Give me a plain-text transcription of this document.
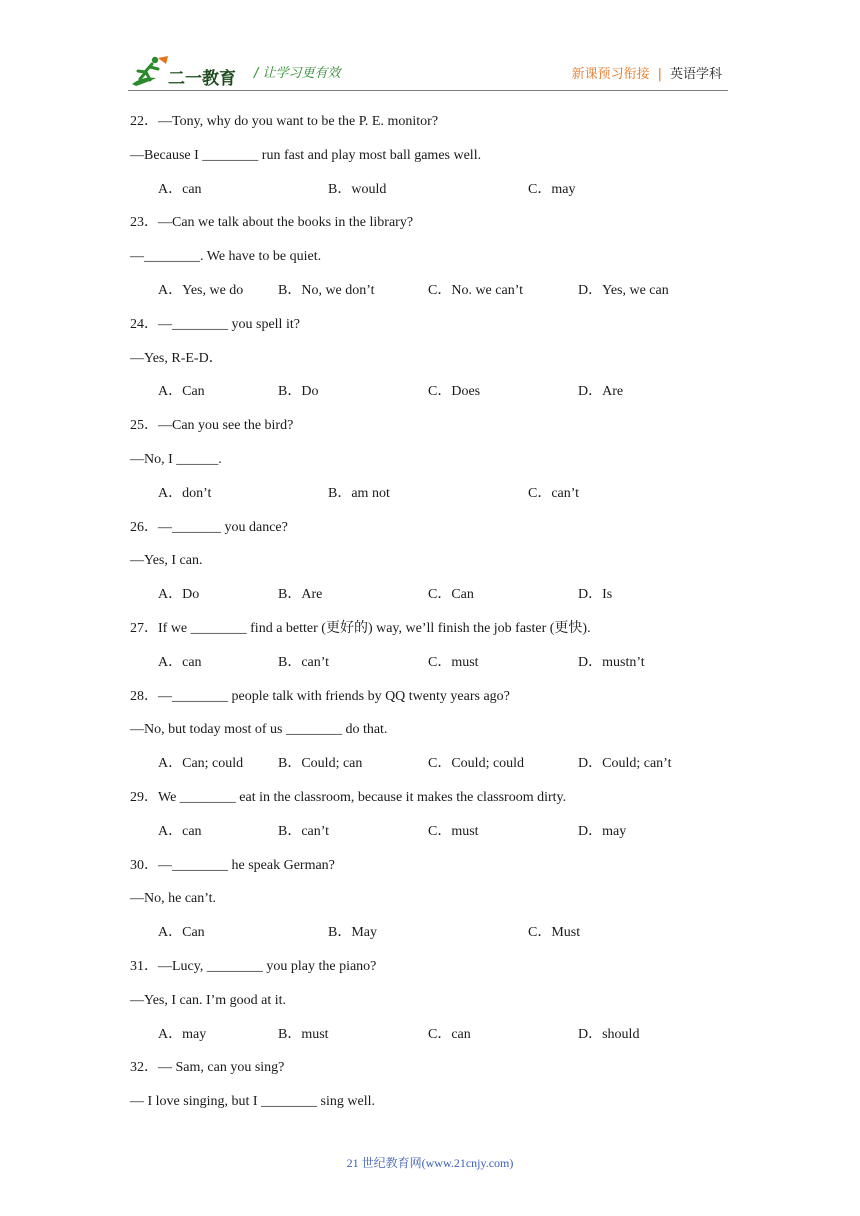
二一教育 / 让学习更有效	新课预习衔接 | 英语学科
22．—Tony, why do you want to be the P. E. monitor?
—Because I ________ run fast and play most ball games well.
A．can	B．would	C．may
23．—Can we talk about the books in the library?
—________. We have to be quiet.
A．Yes, we do B．No, we don’t	C．No. we can’t	D．Yes, we can
24．—________ you spell it?
—Yes, R-E-D．
A．Can	B．Do	C．Does	D．Are
25．—Can you see the bird?
—No, I ______.
A．don’t	B．am not	C．can’t
26．—_______ you dance?
—Yes, I can.
A．Do	B．Are	C．Can	D．Is
27．If we ________ find a better (更好的) way, we’ll finish the job faster (更快).
A．can	B．can’t	C．must	D．mustn’t
28．—________ people talk with friends by QQ twenty years ago?
—No, but today most of us ________ do that.
A．Can; could B．Could; can	C．Could; could	D．Could; can’t
29．We ________ eat in the classroom, because it makes the classroom dirty.
A．can	B．can’t	C．must	D．may
30．—________ he speak German?
—No, he can’t.
A．Can	B．May	C．Must
31．—Lucy, ________ you play the piano?
—Yes, I can. I’m good at it.
A．may	B．must	C．can	D．should
32．— Sam, can you sing?
— I love singing, but I ________ sing well.
21 世纪教育网(www.21cnjy.com)
